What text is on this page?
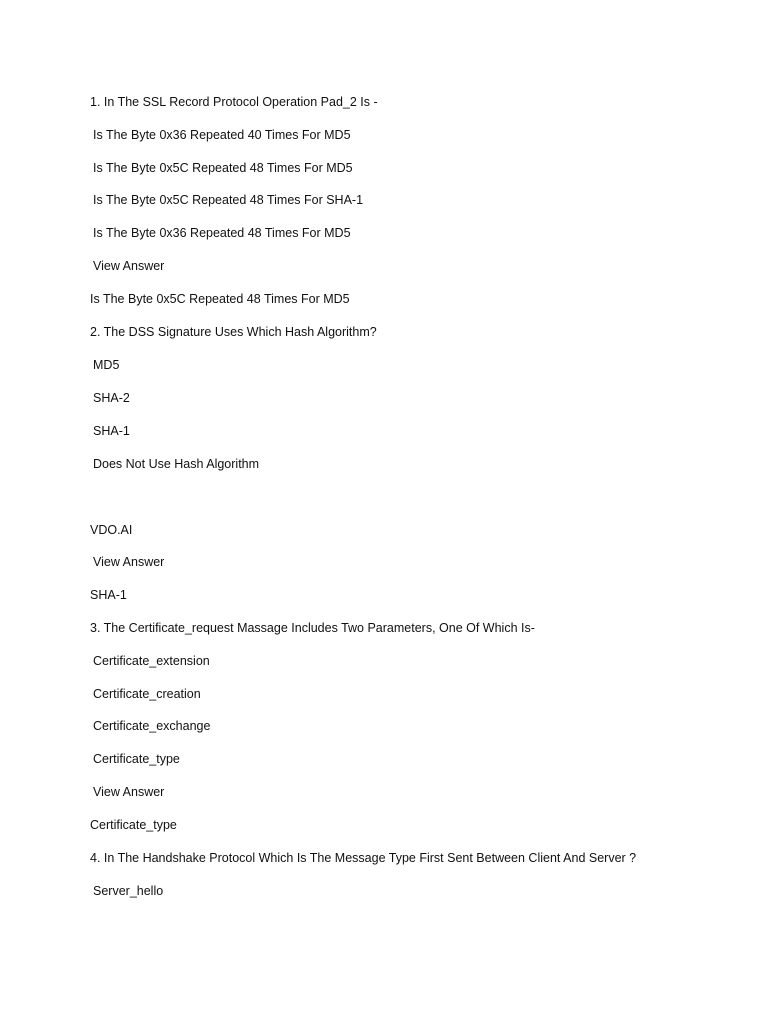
1. In The SSL Record Protocol Operation Pad_2 Is -
Is The Byte 0x36 Repeated 40 Times For MD5
Is The Byte 0x5C Repeated 48 Times For MD5
Is The Byte 0x5C Repeated 48 Times For SHA-1
Is The Byte 0x36 Repeated 48 Times For MD5
View Answer
Is The Byte 0x5C Repeated 48 Times For MD5
2. The DSS Signature Uses Which Hash Algorithm?
MD5
SHA-2
SHA-1
Does Not Use Hash Algorithm
VDO.AI
View Answer
SHA-1
3. The Certificate_request Massage Includes Two Parameters, One Of Which Is-
Certificate_extension
Certificate_creation
Certificate_exchange
Certificate_type
View Answer
Certificate_type
4. In The Handshake Protocol Which Is The Message Type First Sent Between Client And Server ?
Server_hello
